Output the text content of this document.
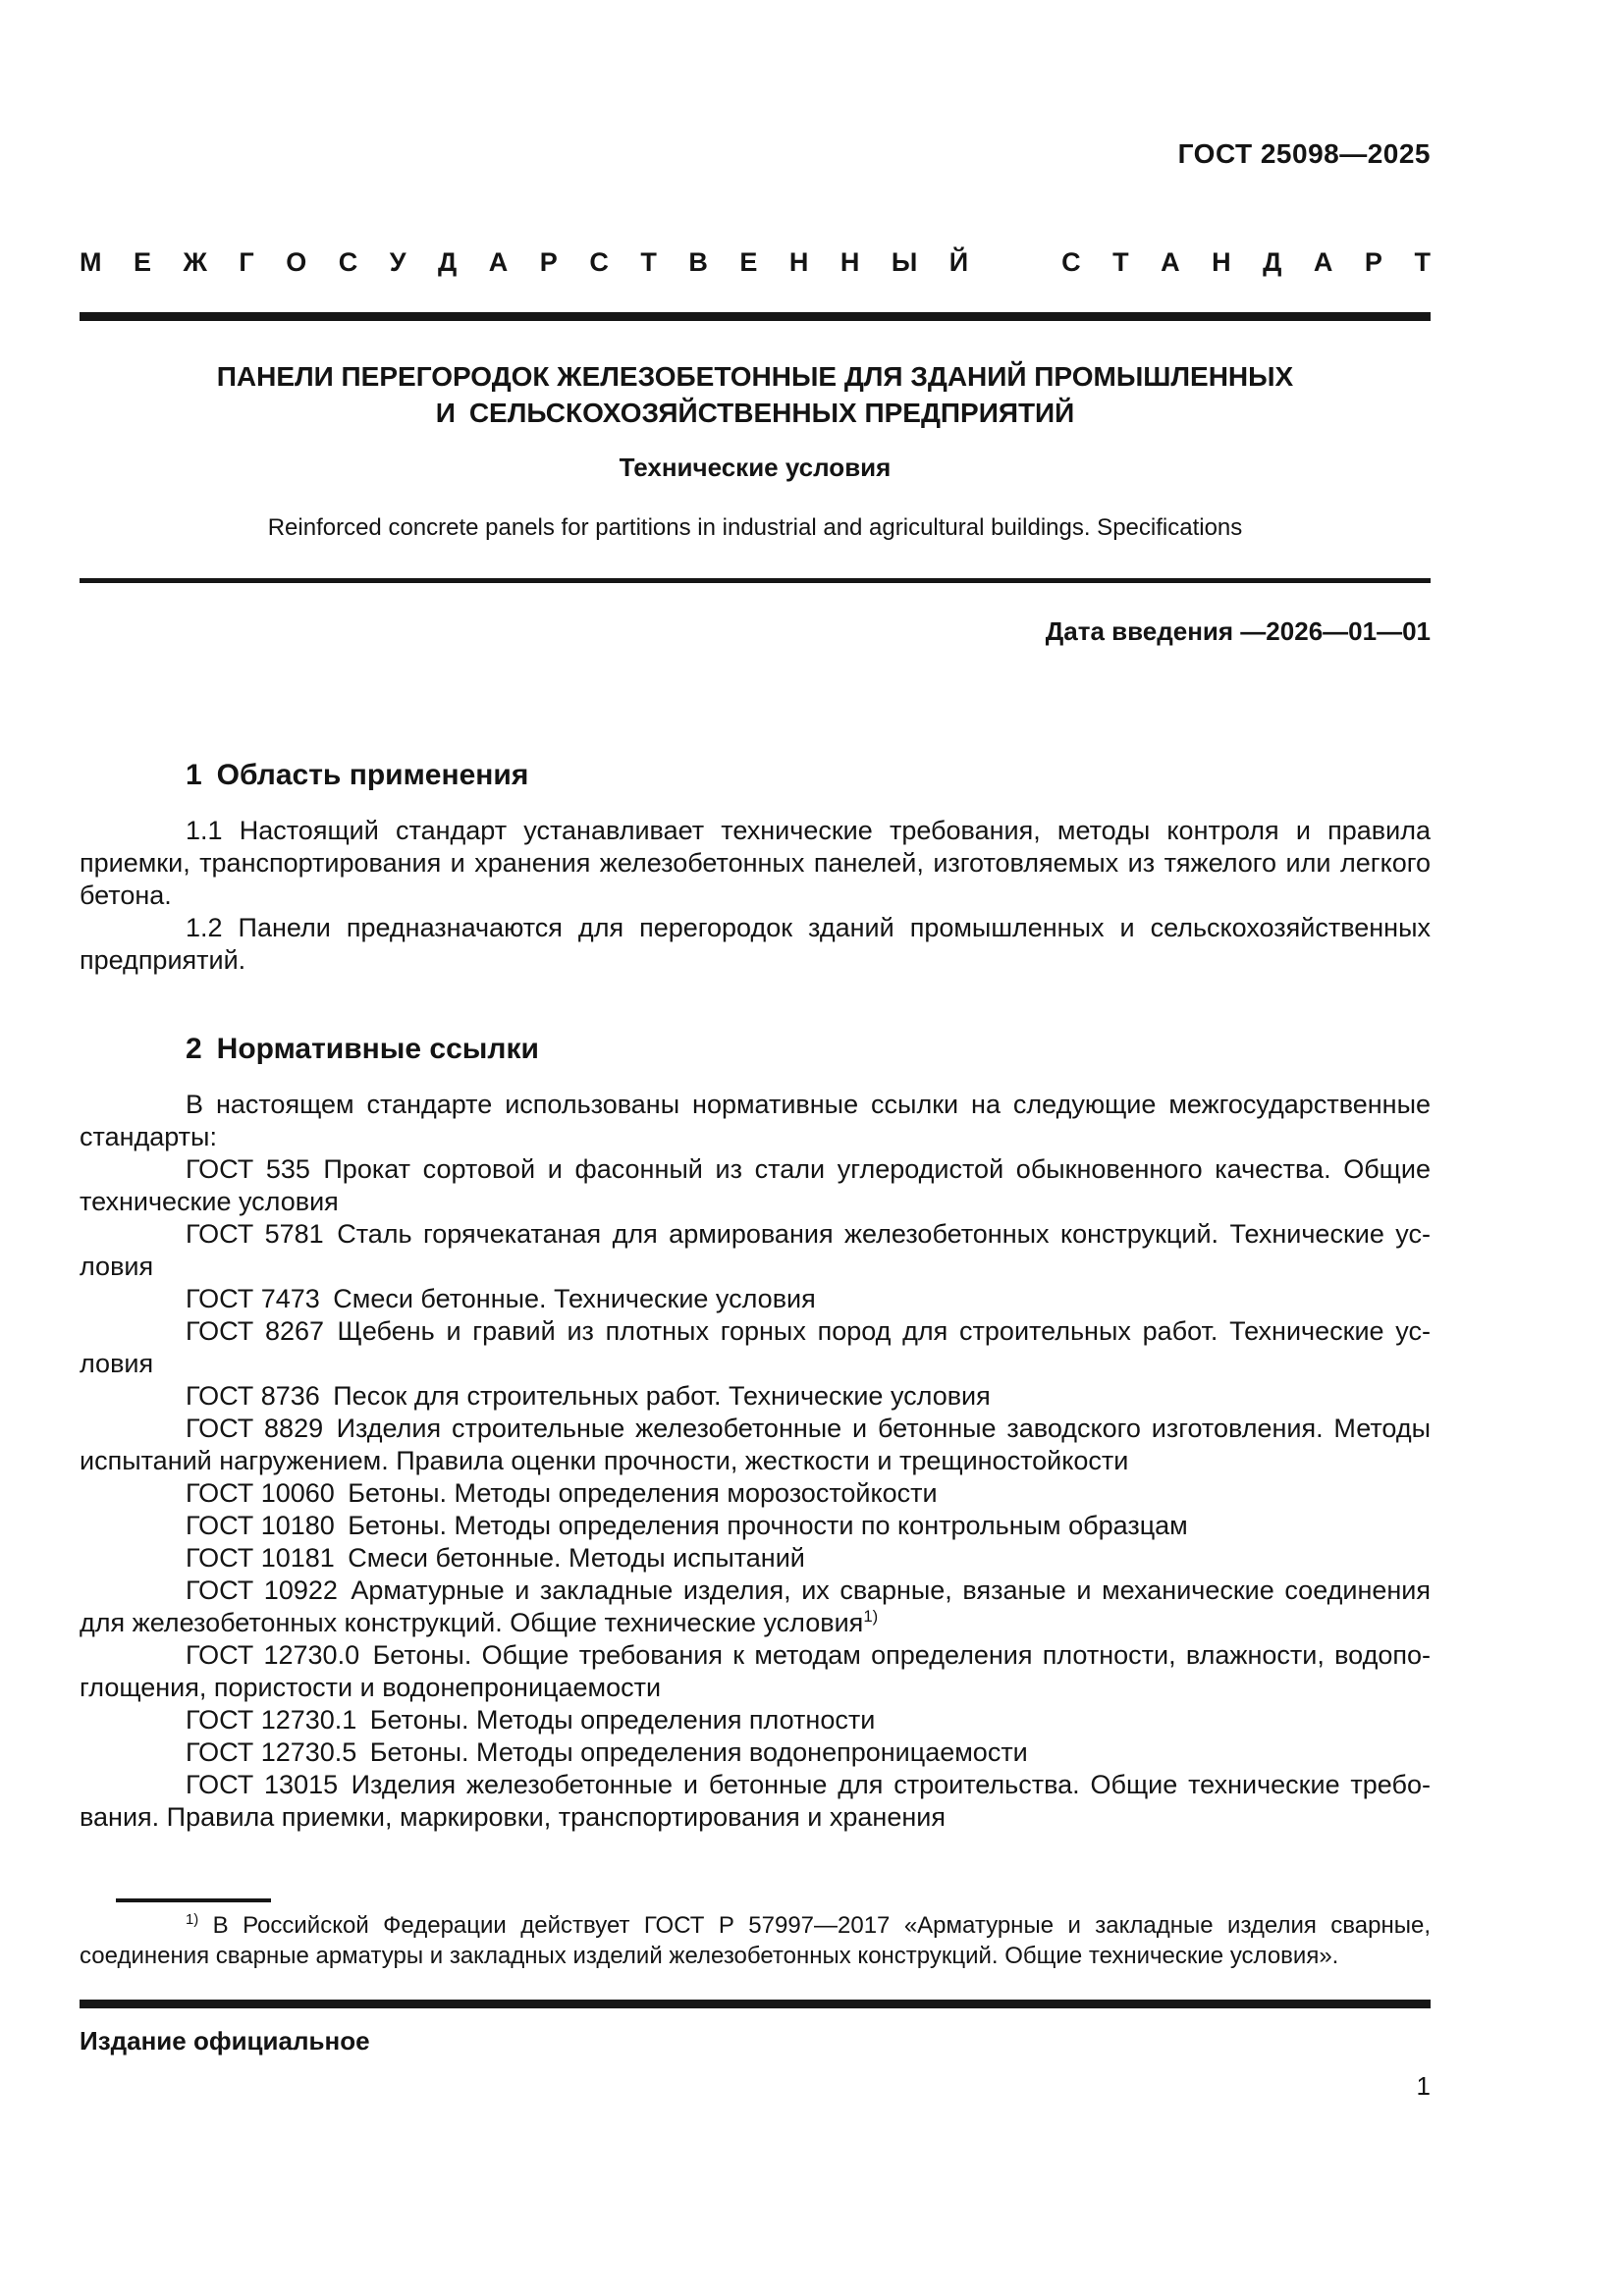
ГОСТ 25098—2025
М Е Ж Г О С У Д А Р С Т В Е Н Н Ы Й
	С Т А Н Д А Р Т
ПАНЕЛИ ПЕРЕГОРОДОК ЖЕЛЕЗОБЕТОННЫЕ ДЛЯ ЗДАНИЙ ПРОМЫШЛЕННЫХ
И СЕЛЬСКОХОЗЯЙСТВЕННЫХ ПРЕДПРИЯТИЙ
Технические условия
Reinforced concrete panels for partitions in industrial and agricultural buildings. Specifications
Дата введения —2026—01—01
1 Область применения

1.1 Настоящий стандарт устанавливает технические требования, методы контроля и правила приемки, транспортирования и хранения железобетонных панелей, изготовляемых из тяжелого или легкого бетона.

1.2 Панели предназначаются для перегородок зданий промышленных и сельскохозяйственных предприятий.

2 Нормативные ссылки

В настоящем стандарте использованы нормативные ссылки на следующие межгосударственные стандарты:

ГОСТ 535 Прокат сортовой и фасонный из стали углеродистой обыкновенного качества. Общие технические условия

ГОСТ 5781 Сталь горячекатаная для армирования железобетонных конструкций. Технические условия

ГОСТ 7473 Смеси бетонные. Технические условия

ГОСТ 8267 Щебень и гравий из плотных горных пород для строительных работ. Технические условия

ГОСТ 8736 Песок для строительных работ. Технические условия

ГОСТ 8829 Изделия строительные железобетонные и бетонные заводского изготовления. Методы испытаний нагружением. Правила оценки прочности, жесткости и трещиностойкости

ГОСТ 10060 Бетоны. Методы определения морозостойкости

ГОСТ 10180 Бетоны. Методы определения прочности по контрольным образцам

ГОСТ 10181 Смеси бетонные. Методы испытаний

ГОСТ 10922 Арматурные и закладные изделия, их сварные, вязаные и механические соединения для железобетонных конструкций. Общие технические условия$^{1)}$

ГОСТ 12730.0 Бетоны. Общие требования к методам определения плотности, влажности, водопоглощения, пористости и водонепроницаемости

ГОСТ 12730.1 Бетоны. Методы определения плотности

ГОСТ 12730.5 Бетоны. Методы определения водонепроницаемости

ГОСТ 13015 Изделия железобетонные и бетонные для строительства. Общие технические требования. Правила приемки, маркировки, транспортирования и хранения

$^{1)}$ В Российской Федерации действует ГОСТ Р 57997—2017 «Арматурные и закладные изделия сварные, соединения сварные арматуры и закладных изделий железобетонных конструкций. Общие технические условия».

Издание официальное
1
